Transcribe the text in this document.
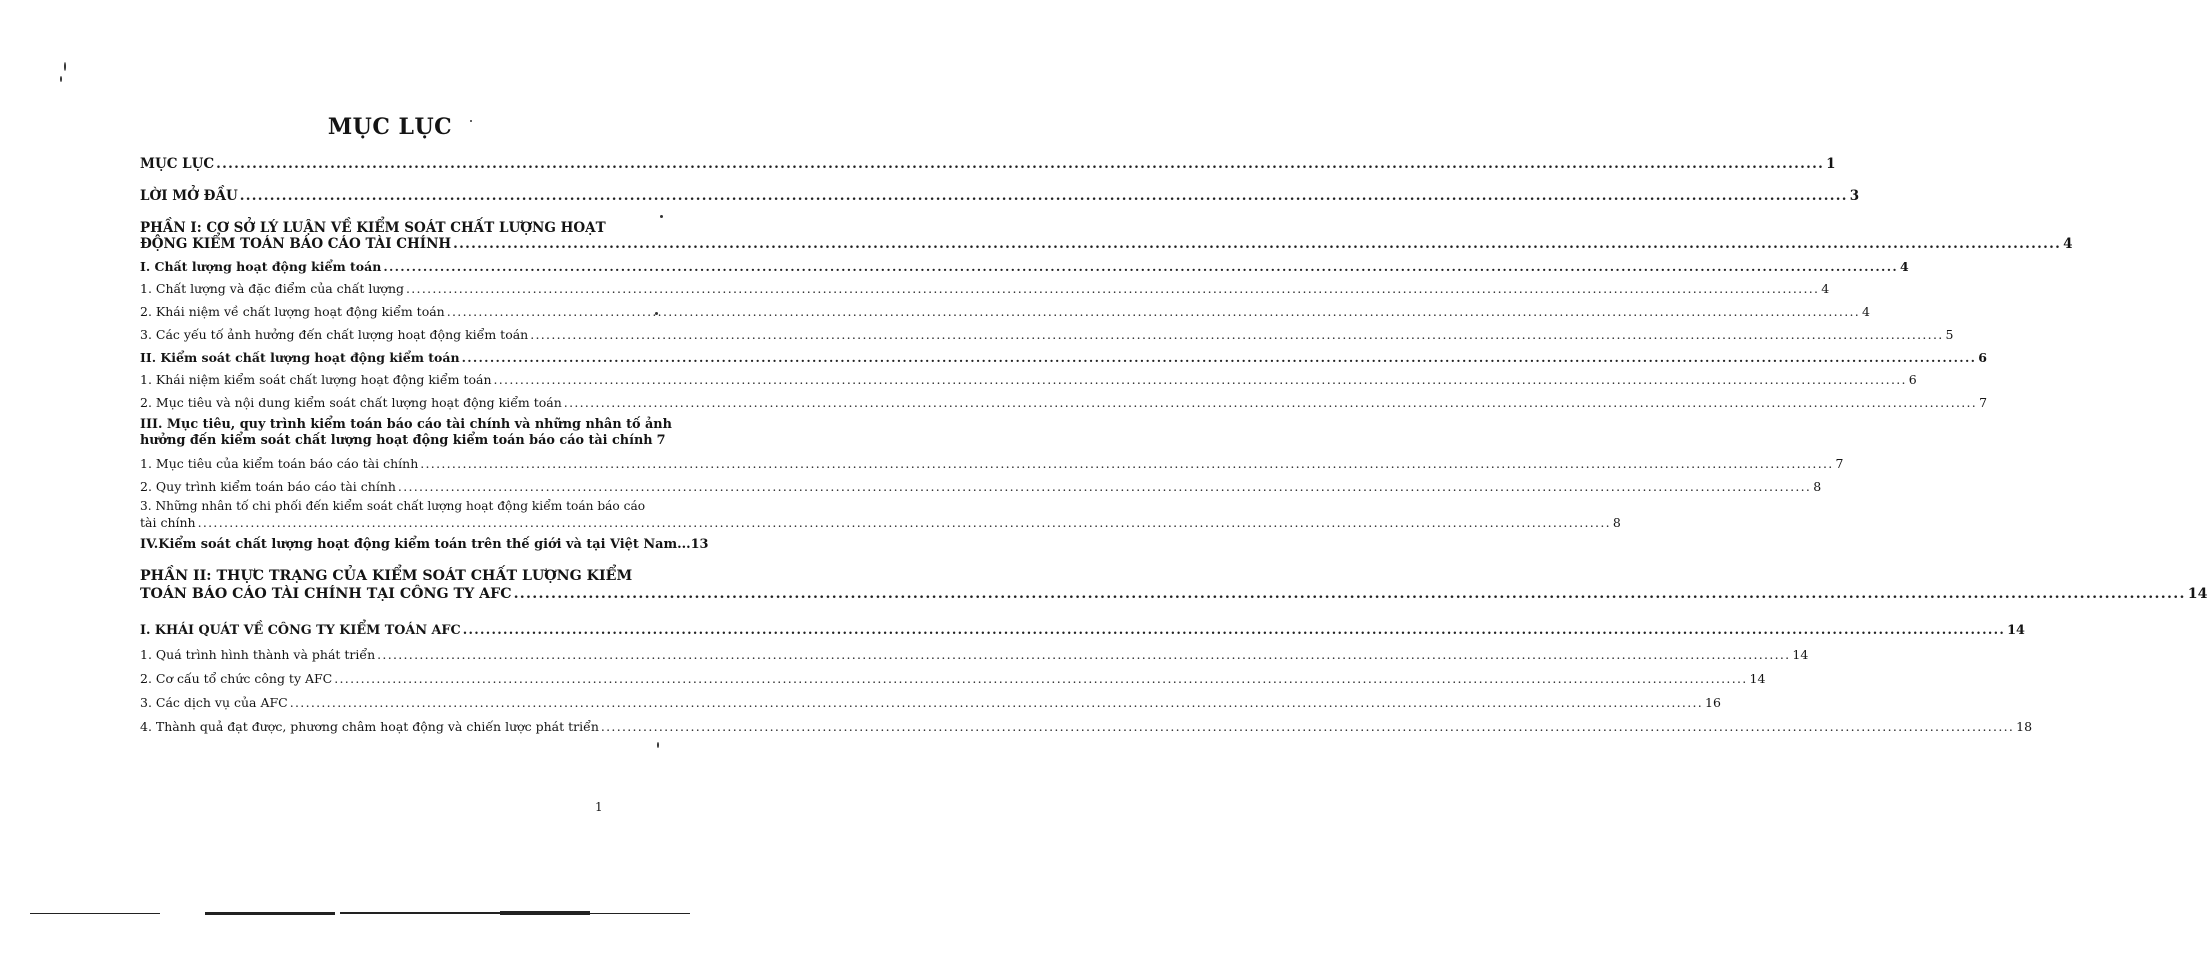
MỤC LỤC
MỤC LỤC .....	1
LỜI MỞ ĐẦU .....	3
PHẦN I: CƠ SỞ LÝ LUẬN VỀ KIỂM SOÁT CHẤT LƯỢNG HOẠT
ĐỘNG KIỂM TOÁN BÁO CÁO TÀI CHÍNH .....	4
I. Chất lượng hoạt động kiểm toán .....	4
1. Chất lượng và đặc điểm của chất lượng .....	4
2. Khái niệm về chất lượng hoạt động kiểm toán .....	4
3. Các yếu tố ảnh hưởng đến chất lượng hoạt động kiểm toán .....	5
II. Kiểm soát chất lượng hoạt động kiểm toán .....	6
1. Khái niệm kiểm soát chất lượng hoạt động kiểm toán .....	6
2. Mục tiêu và nội dung kiểm soát chất lượng hoạt động kiểm toán .....	7
III. Mục tiêu, quy trình kiểm toán báo cáo tài chính và những nhân tố ảnh
hưởng đến kiểm soát chất lượng hoạt động kiểm toán báo cáo tài chính 7
1. Mục tiêu của kiểm toán báo cáo tài chính .....	7
2. Quy trình kiểm toán báo cáo tài chính .....	8
3. Những nhân tố chi phối đến kiểm soát chất lượng hoạt động kiểm toán báo cáo
tài chính .....	8
IV.Kiểm soát chất lượng hoạt động kiểm toán trên thế giới và tại Việt Nam...13
PHẦN II: THỰC TRẠNG CỦA KIỂM SOÁT CHẤT LƯỢNG KIỂM
TOÁN BÁO CÁO TÀI CHÍNH TẠI CÔNG TY AFC .....	14
I. KHÁI QUÁT VỀ CÔNG TY KIỂM TOÁN AFC .....	14
1. Quá trình hình thành và phát triển .....	14
2. Cơ cấu tổ chức công ty AFC .....	14
3. Các dịch vụ của AFC .....	16
4. Thành quả đạt được, phương châm hoạt động và chiến lược phát triển .....	18
1
